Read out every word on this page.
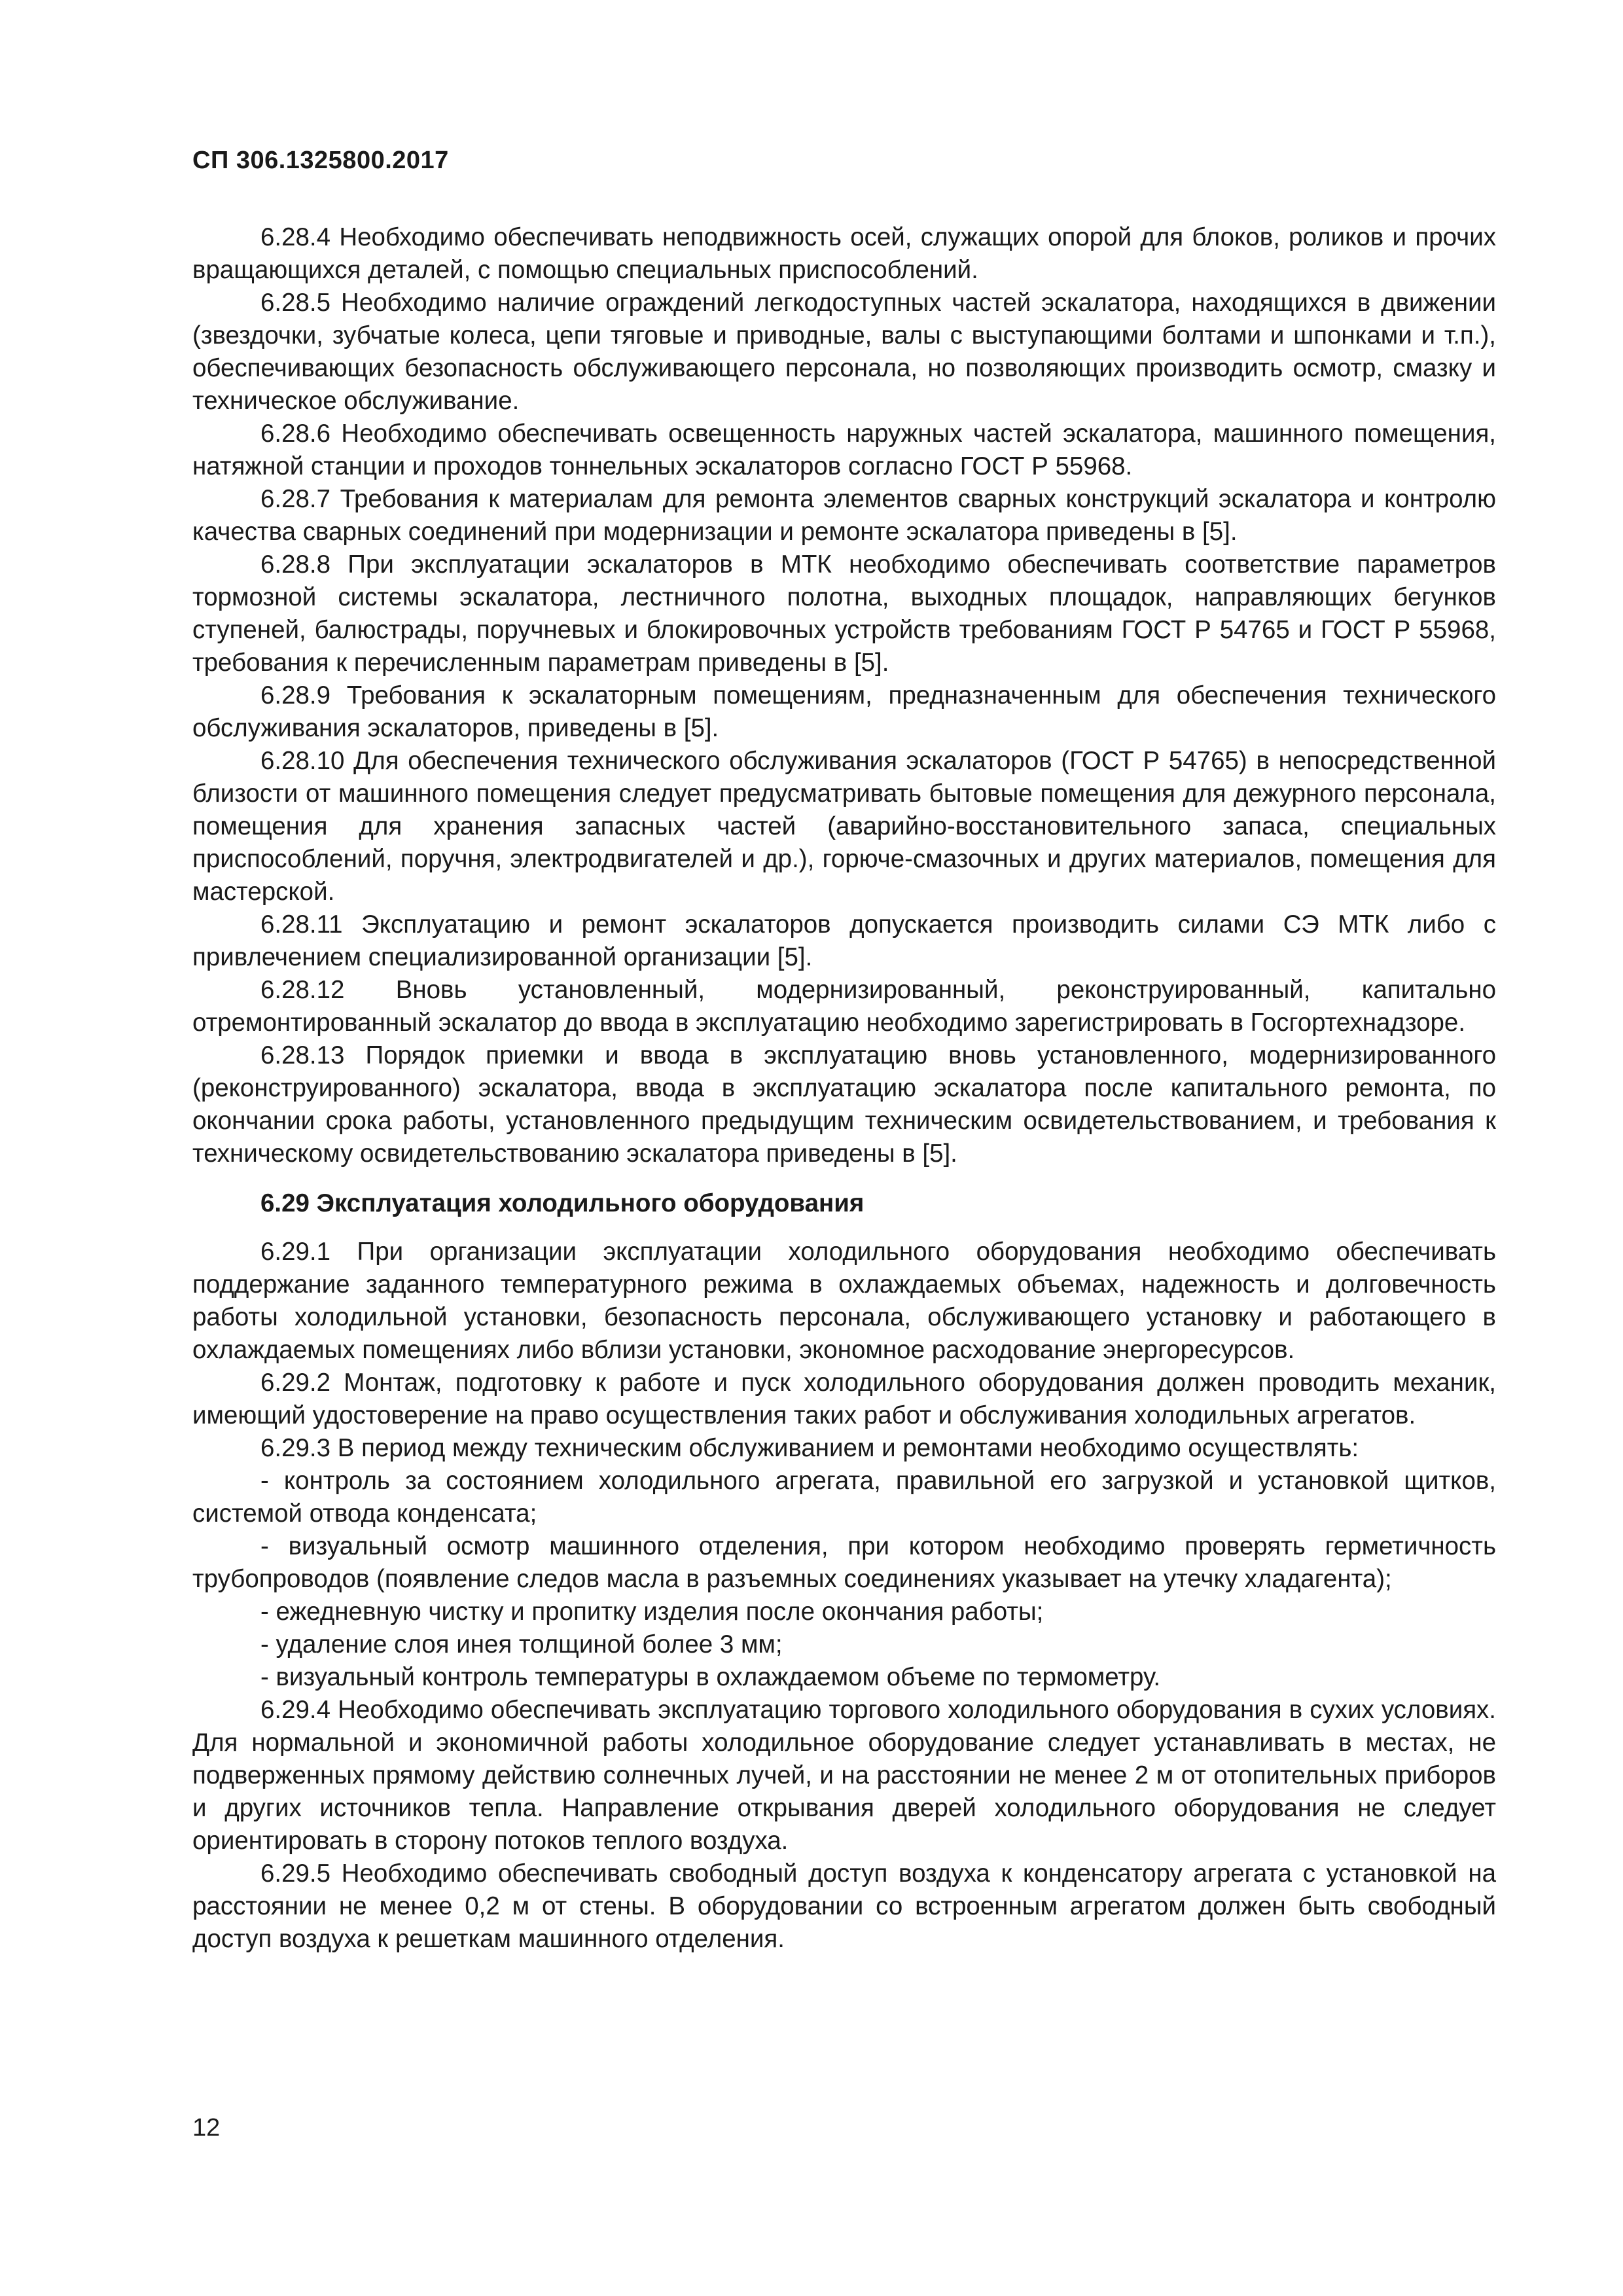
СП 306.1325800.2017

6.28.4 Необходимо обеспечивать неподвижность осей, служащих опорой для блоков, роликов и прочих вращающихся деталей, с помощью специальных приспособлений.

6.28.5 Необходимо наличие ограждений легкодоступных частей эскалатора, находящихся в движении (звездочки, зубчатые колеса, цепи тяговые и приводные, валы с выступающими болтами и шпонками и т.п.), обеспечивающих безопасность обслуживающего персонала, но позволяющих производить осмотр, смазку и техническое обслуживание.

6.28.6 Необходимо обеспечивать освещенность наружных частей эскалатора, машинного помещения, натяжной станции и проходов тоннельных эскалаторов согласно ГОСТ Р 55968.

6.28.7 Требования к материалам для ремонта элементов сварных конструкций эскалатора и контролю качества сварных соединений при модернизации и ремонте эскалатора приведены в [5].

6.28.8 При эксплуатации эскалаторов в МТК необходимо обеспечивать соответствие параметров тормозной системы эскалатора, лестничного полотна, выходных площадок, направляющих бегунков ступеней, балюстрады, поручневых и блокировочных устройств требованиям ГОСТ Р 54765 и ГОСТ Р 55968, требования к перечисленным параметрам приведены в [5].

6.28.9 Требования к эскалаторным помещениям, предназначенным для обеспечения технического обслуживания эскалаторов, приведены в [5].

6.28.10 Для обеспечения технического обслуживания эскалаторов (ГОСТ Р 54765) в непосредственной близости от машинного помещения следует предусматривать бытовые помещения для дежурного персонала, помещения для хранения запасных частей (аварийно-восстановительного запаса, специальных приспособлений, поручня, электродвигателей и др.), горюче-смазочных и других материалов, помещения для мастерской.

6.28.11 Эксплуатацию и ремонт эскалаторов допускается производить силами СЭ МТК либо с привлечением специализированной организации [5].

6.28.12 Вновь установленный, модернизированный, реконструированный, капитально отремонтированный эскалатор до ввода в эксплуатацию необходимо зарегистрировать в Госгортехнадзоре.

6.28.13 Порядок приемки и ввода в эксплуатацию вновь установленного, модернизированного (реконструированного) эскалатора, ввода в эксплуатацию эскалатора после капитального ремонта, по окончании срока работы, установленного предыдущим техническим освидетельствованием, и требования к техническому освидетельствованию эскалатора приведены в [5].

6.29 Эксплуатация холодильного оборудования

6.29.1 При организации эксплуатации холодильного оборудования необходимо обеспечивать поддержание заданного температурного режима в охлаждаемых объемах, надежность и долговечность работы холодильной установки, безопасность персонала, обслуживающего установку и работающего в охлаждаемых помещениях либо вблизи установки, экономное расходование энергоресурсов.

6.29.2 Монтаж, подготовку к работе и пуск холодильного оборудования должен проводить механик, имеющий удостоверение на право осуществления таких работ и обслуживания холодильных агрегатов.

6.29.3 В период между техническим обслуживанием и ремонтами необходимо осуществлять:

- контроль за состоянием холодильного агрегата, правильной его загрузкой и установкой щитков, системой отвода конденсата;

- визуальный осмотр машинного отделения, при котором необходимо проверять герметичность трубопроводов (появление следов масла в разъемных соединениях указывает на утечку хладагента);

- ежедневную чистку и пропитку изделия после окончания работы;

- удаление слоя инея толщиной более 3 мм;

- визуальный контроль температуры в охлаждаемом объеме по термометру.

6.29.4 Необходимо обеспечивать эксплуатацию торгового холодильного оборудования в сухих условиях. Для нормальной и экономичной работы холодильное оборудование следует устанавливать в местах, не подверженных прямому действию солнечных лучей, и на расстоянии не менее 2 м от отопительных приборов и других источников тепла. Направление открывания дверей холодильного оборудования не следует ориентировать в сторону потоков теплого воздуха.

6.29.5 Необходимо обеспечивать свободный доступ воздуха к конденсатору агрегата с установкой на расстоянии не менее 0,2 м от стены. В оборудовании со встроенным агрегатом должен быть свободный доступ воздуха к решеткам машинного отделения.

12
